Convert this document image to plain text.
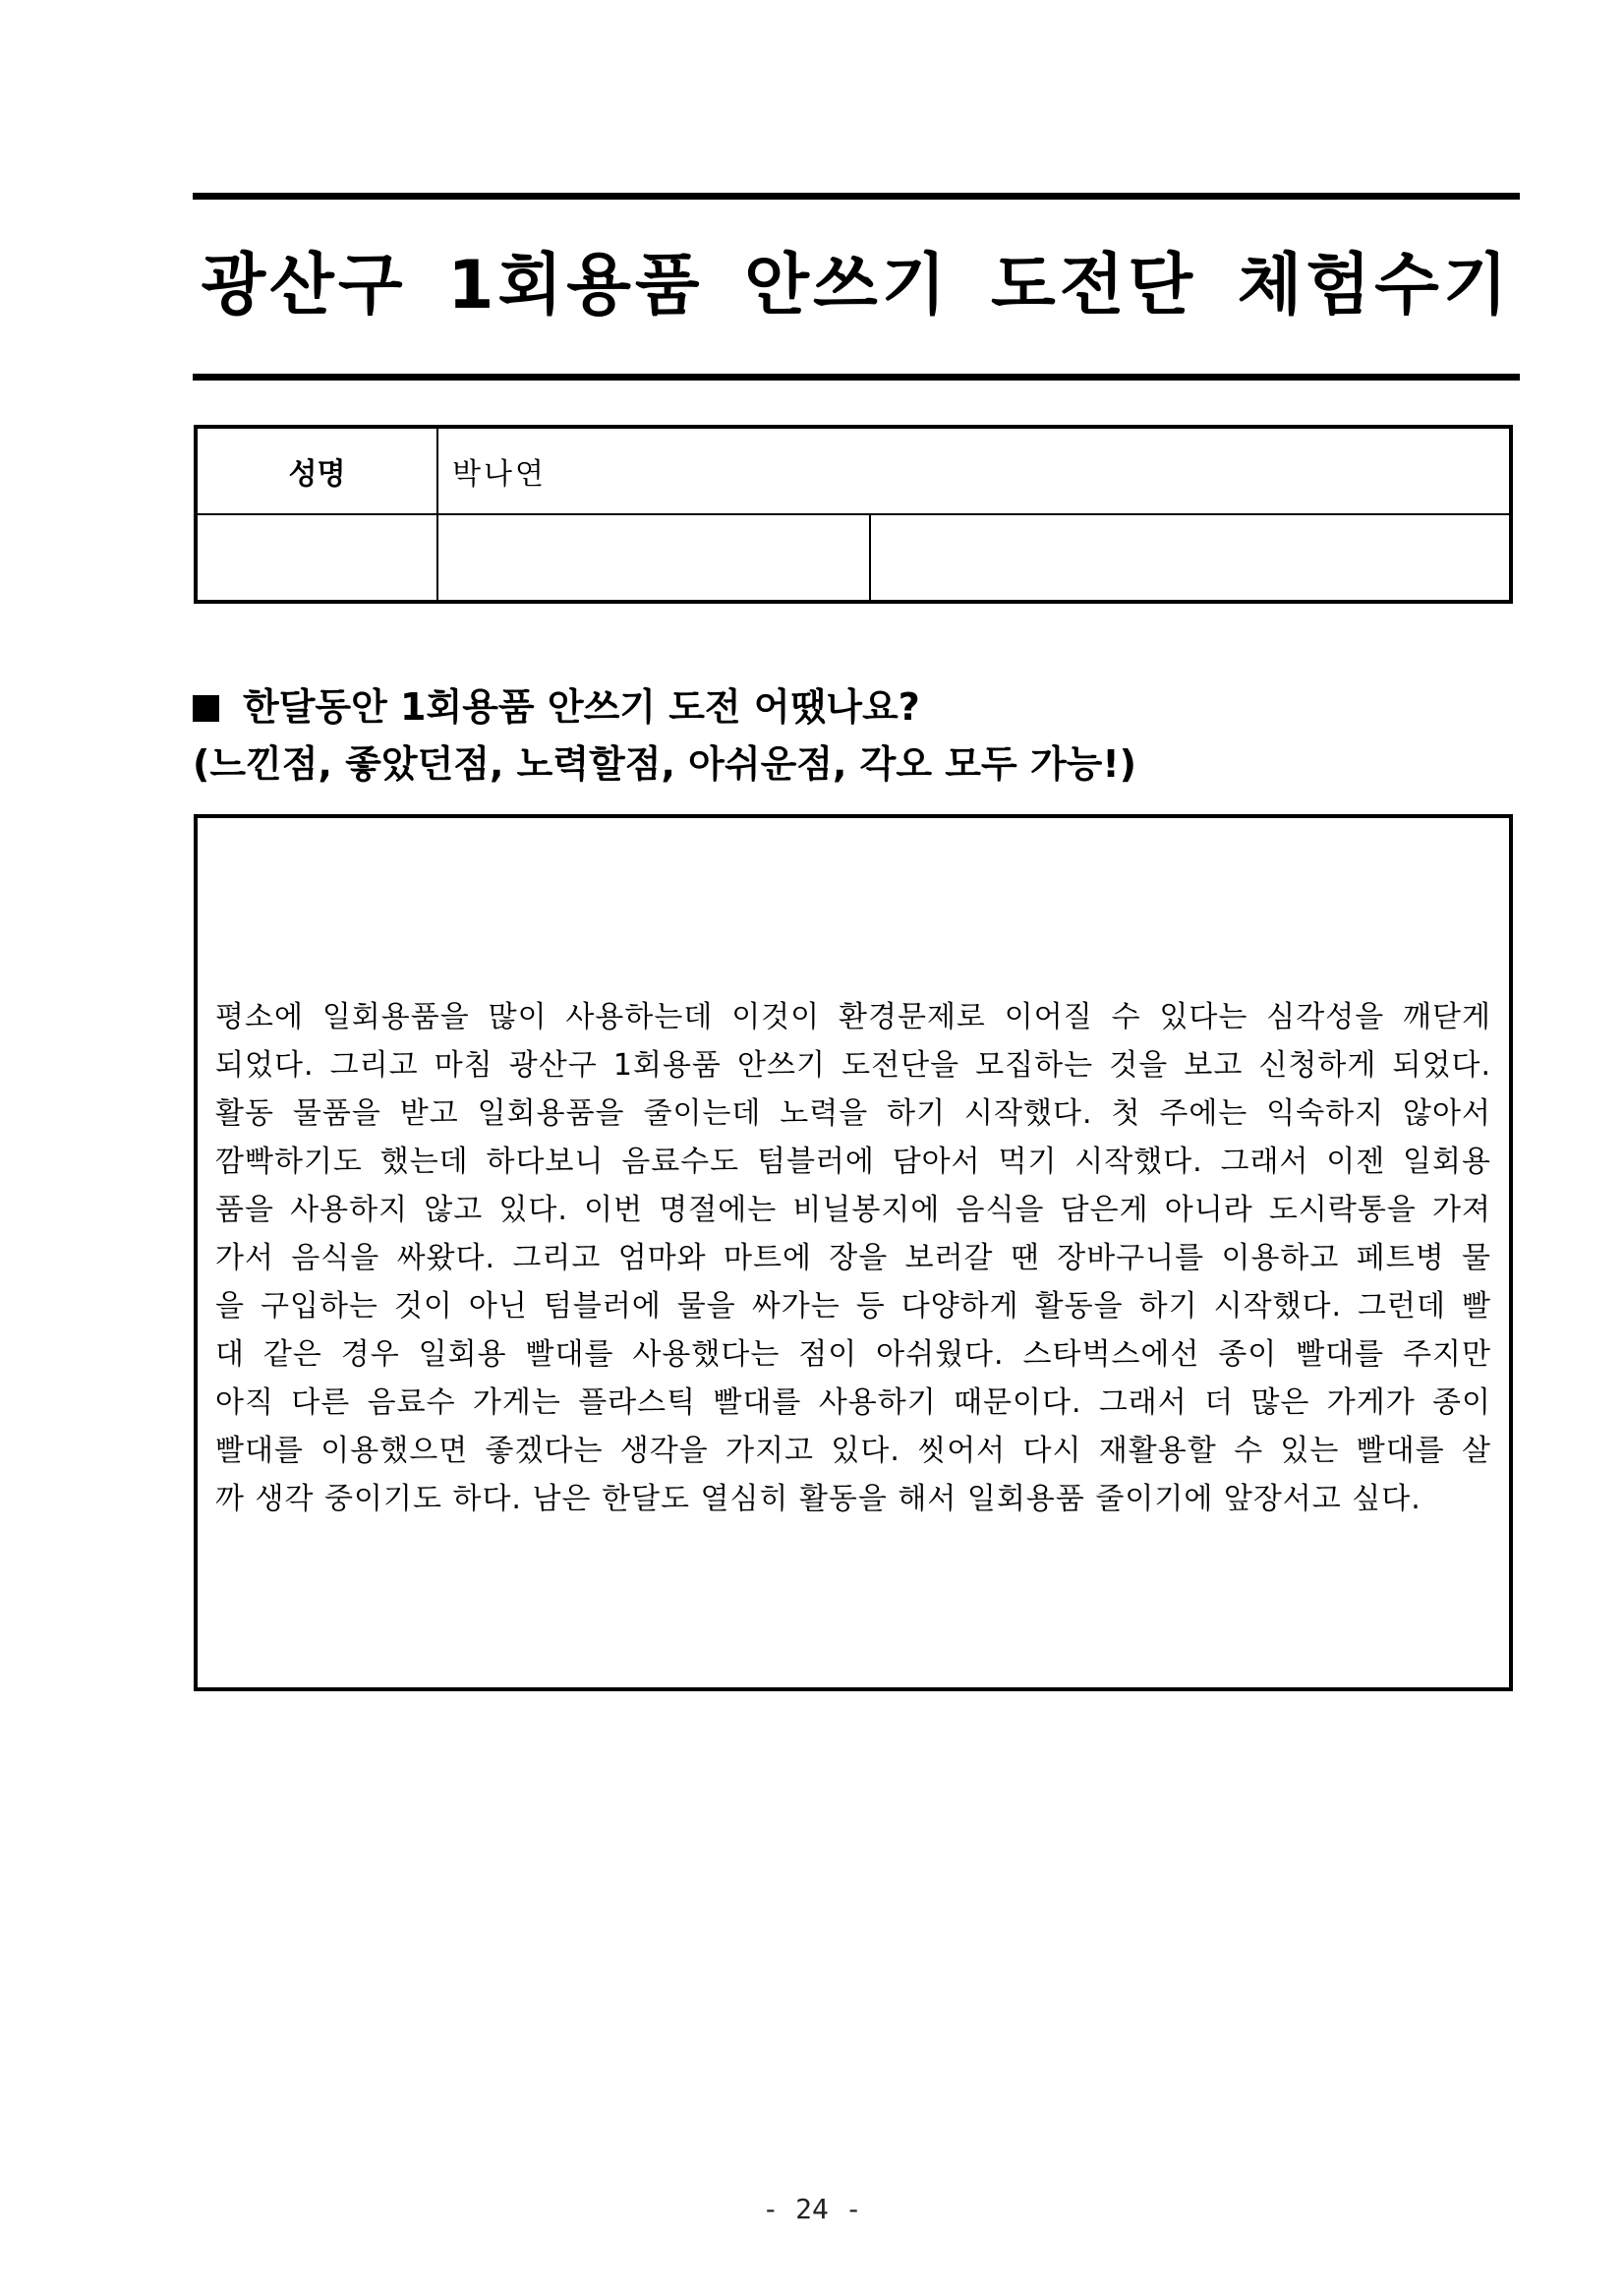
광산구 1회용품 안쓰기 도전단 체험수기
성명	박나연	

한달동안 1회용품 안쓰기 도전 어땠나요?
(느낀점, 좋았던점, 노력할점, 아쉬운점, 각오 모두 가능!)
평소에 일회용품을 많이 사용하는데 이것이 환경문제로 이어질 수 있다는 심각성을 깨닫게
되었다. 그리고 마침 광산구 1회용품 안쓰기 도전단을 모집하는 것을 보고 신청하게 되었다.
활동 물품을 받고 일회용품을 줄이는데 노력을 하기 시작했다. 첫 주에는 익숙하지 않아서
깜빡하기도 했는데 하다보니 음료수도 텀블러에 담아서 먹기 시작했다. 그래서 이젠 일회용
품을 사용하지 않고 있다. 이번 명절에는 비닐봉지에 음식을 담은게 아니라 도시락통을 가져
가서 음식을 싸왔다. 그리고 엄마와 마트에 장을 보러갈 땐 장바구니를 이용하고 페트병 물
을 구입하는 것이 아닌 텀블러에 물을 싸가는 등 다양하게 활동을 하기 시작했다. 그런데 빨
대 같은 경우 일회용 빨대를 사용했다는 점이 아쉬웠다. 스타벅스에선 종이 빨대를 주지만
아직 다른 음료수 가게는 플라스틱 빨대를 사용하기 때문이다. 그래서 더 많은 가게가 종이
빨대를 이용했으면 좋겠다는 생각을 가지고 있다. 씻어서 다시 재활용할 수 있는 빨대를 살
까 생각 중이기도 하다. 남은 한달도 열심히 활동을 해서 일회용품 줄이기에 앞장서고 싶다.
- 24 -
